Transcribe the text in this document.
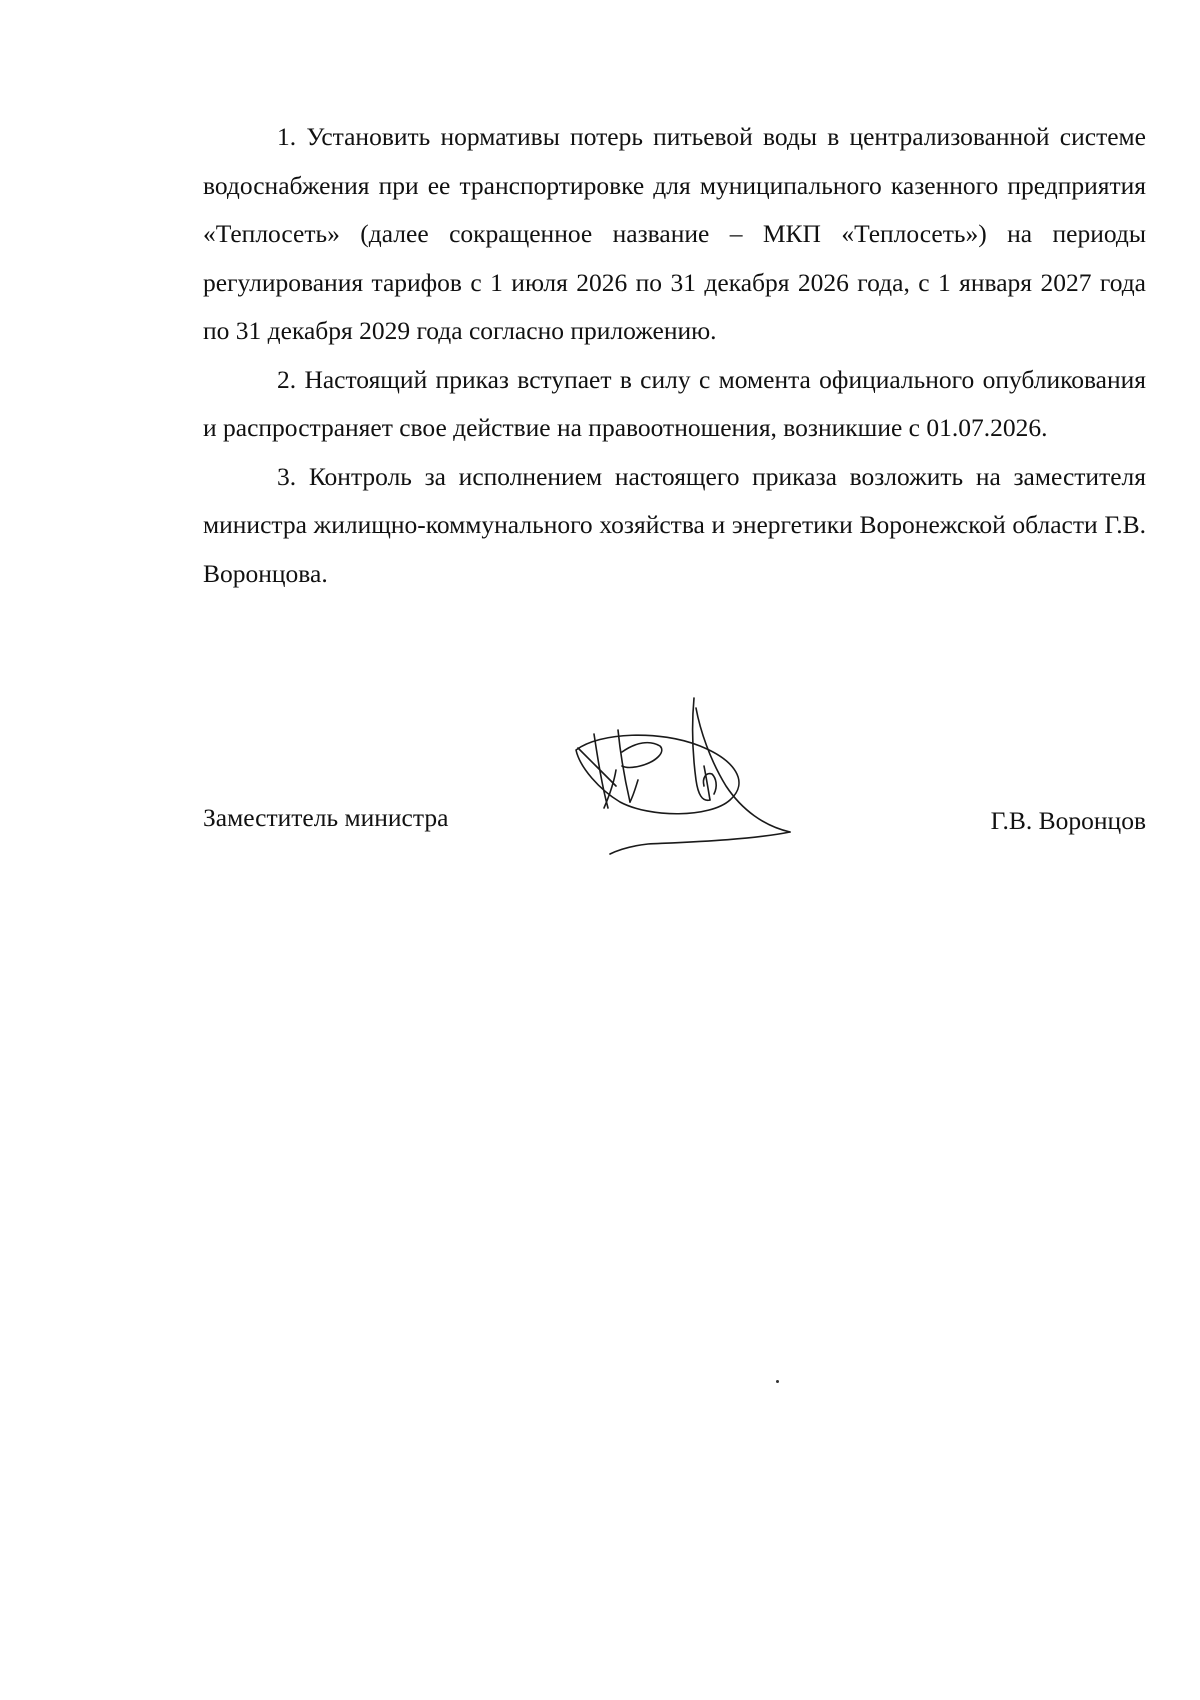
1. Установить нормативы потерь питьевой воды в централизованной системе водоснабжения при ее транспортировке для муниципального казенного предприятия «Теплосеть» (далее сокращенное название – МКП «Теплосеть») на периоды регулирования тарифов с 1 июля 2026 по 31 декабря 2026 года, с 1 января 2027 года по 31 декабря 2029 года согласно приложению.

2. Настоящий приказ вступает в силу с момента официального опубликования и распространяет свое действие на правоотношения, возникшие с 01.07.2026.

3. Контроль за исполнением настоящего приказа возложить на заместителя министра жилищно-коммунального хозяйства и энергетики Воронежской области Г.В. Воронцова.

Заместитель министра	Г.В. Воронцов
